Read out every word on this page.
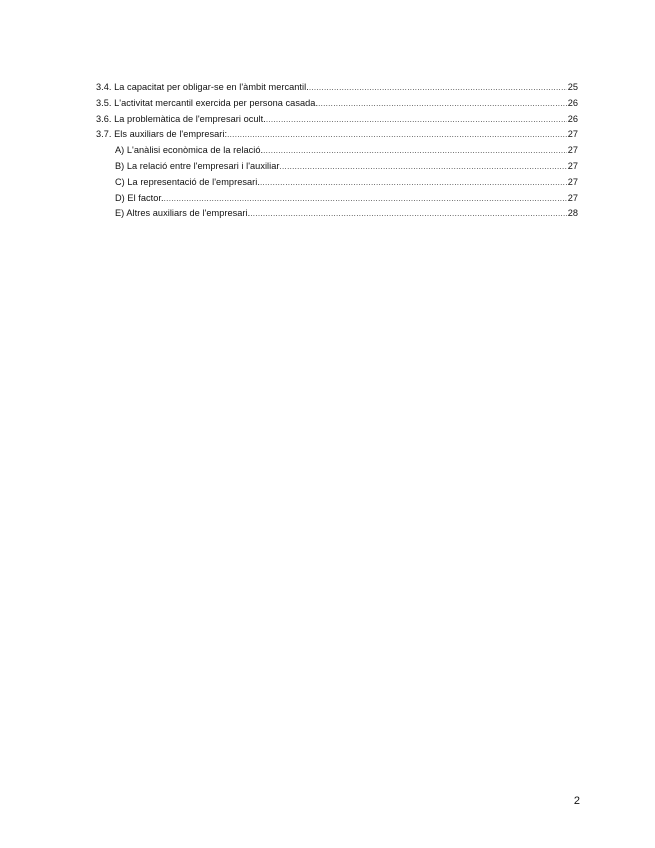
3.4. La capacitat per obligar-se en l'àmbit mercantil. .....	25
3.5. L'activitat mercantil exercida per persona casada. .....	26
3.6. La problemàtica de l'empresari ocult. .....	26
3.7. Els auxiliars de l'empresari: .....	27
A) L'anàlisi econòmica de la relació. .....	27
B) La relació entre l'empresari i l'auxiliar .....	27
C) La representació de l'empresari. .....	27
D) El factor. .....	27
E) Altres auxiliars de l'empresari. .....	28
2
